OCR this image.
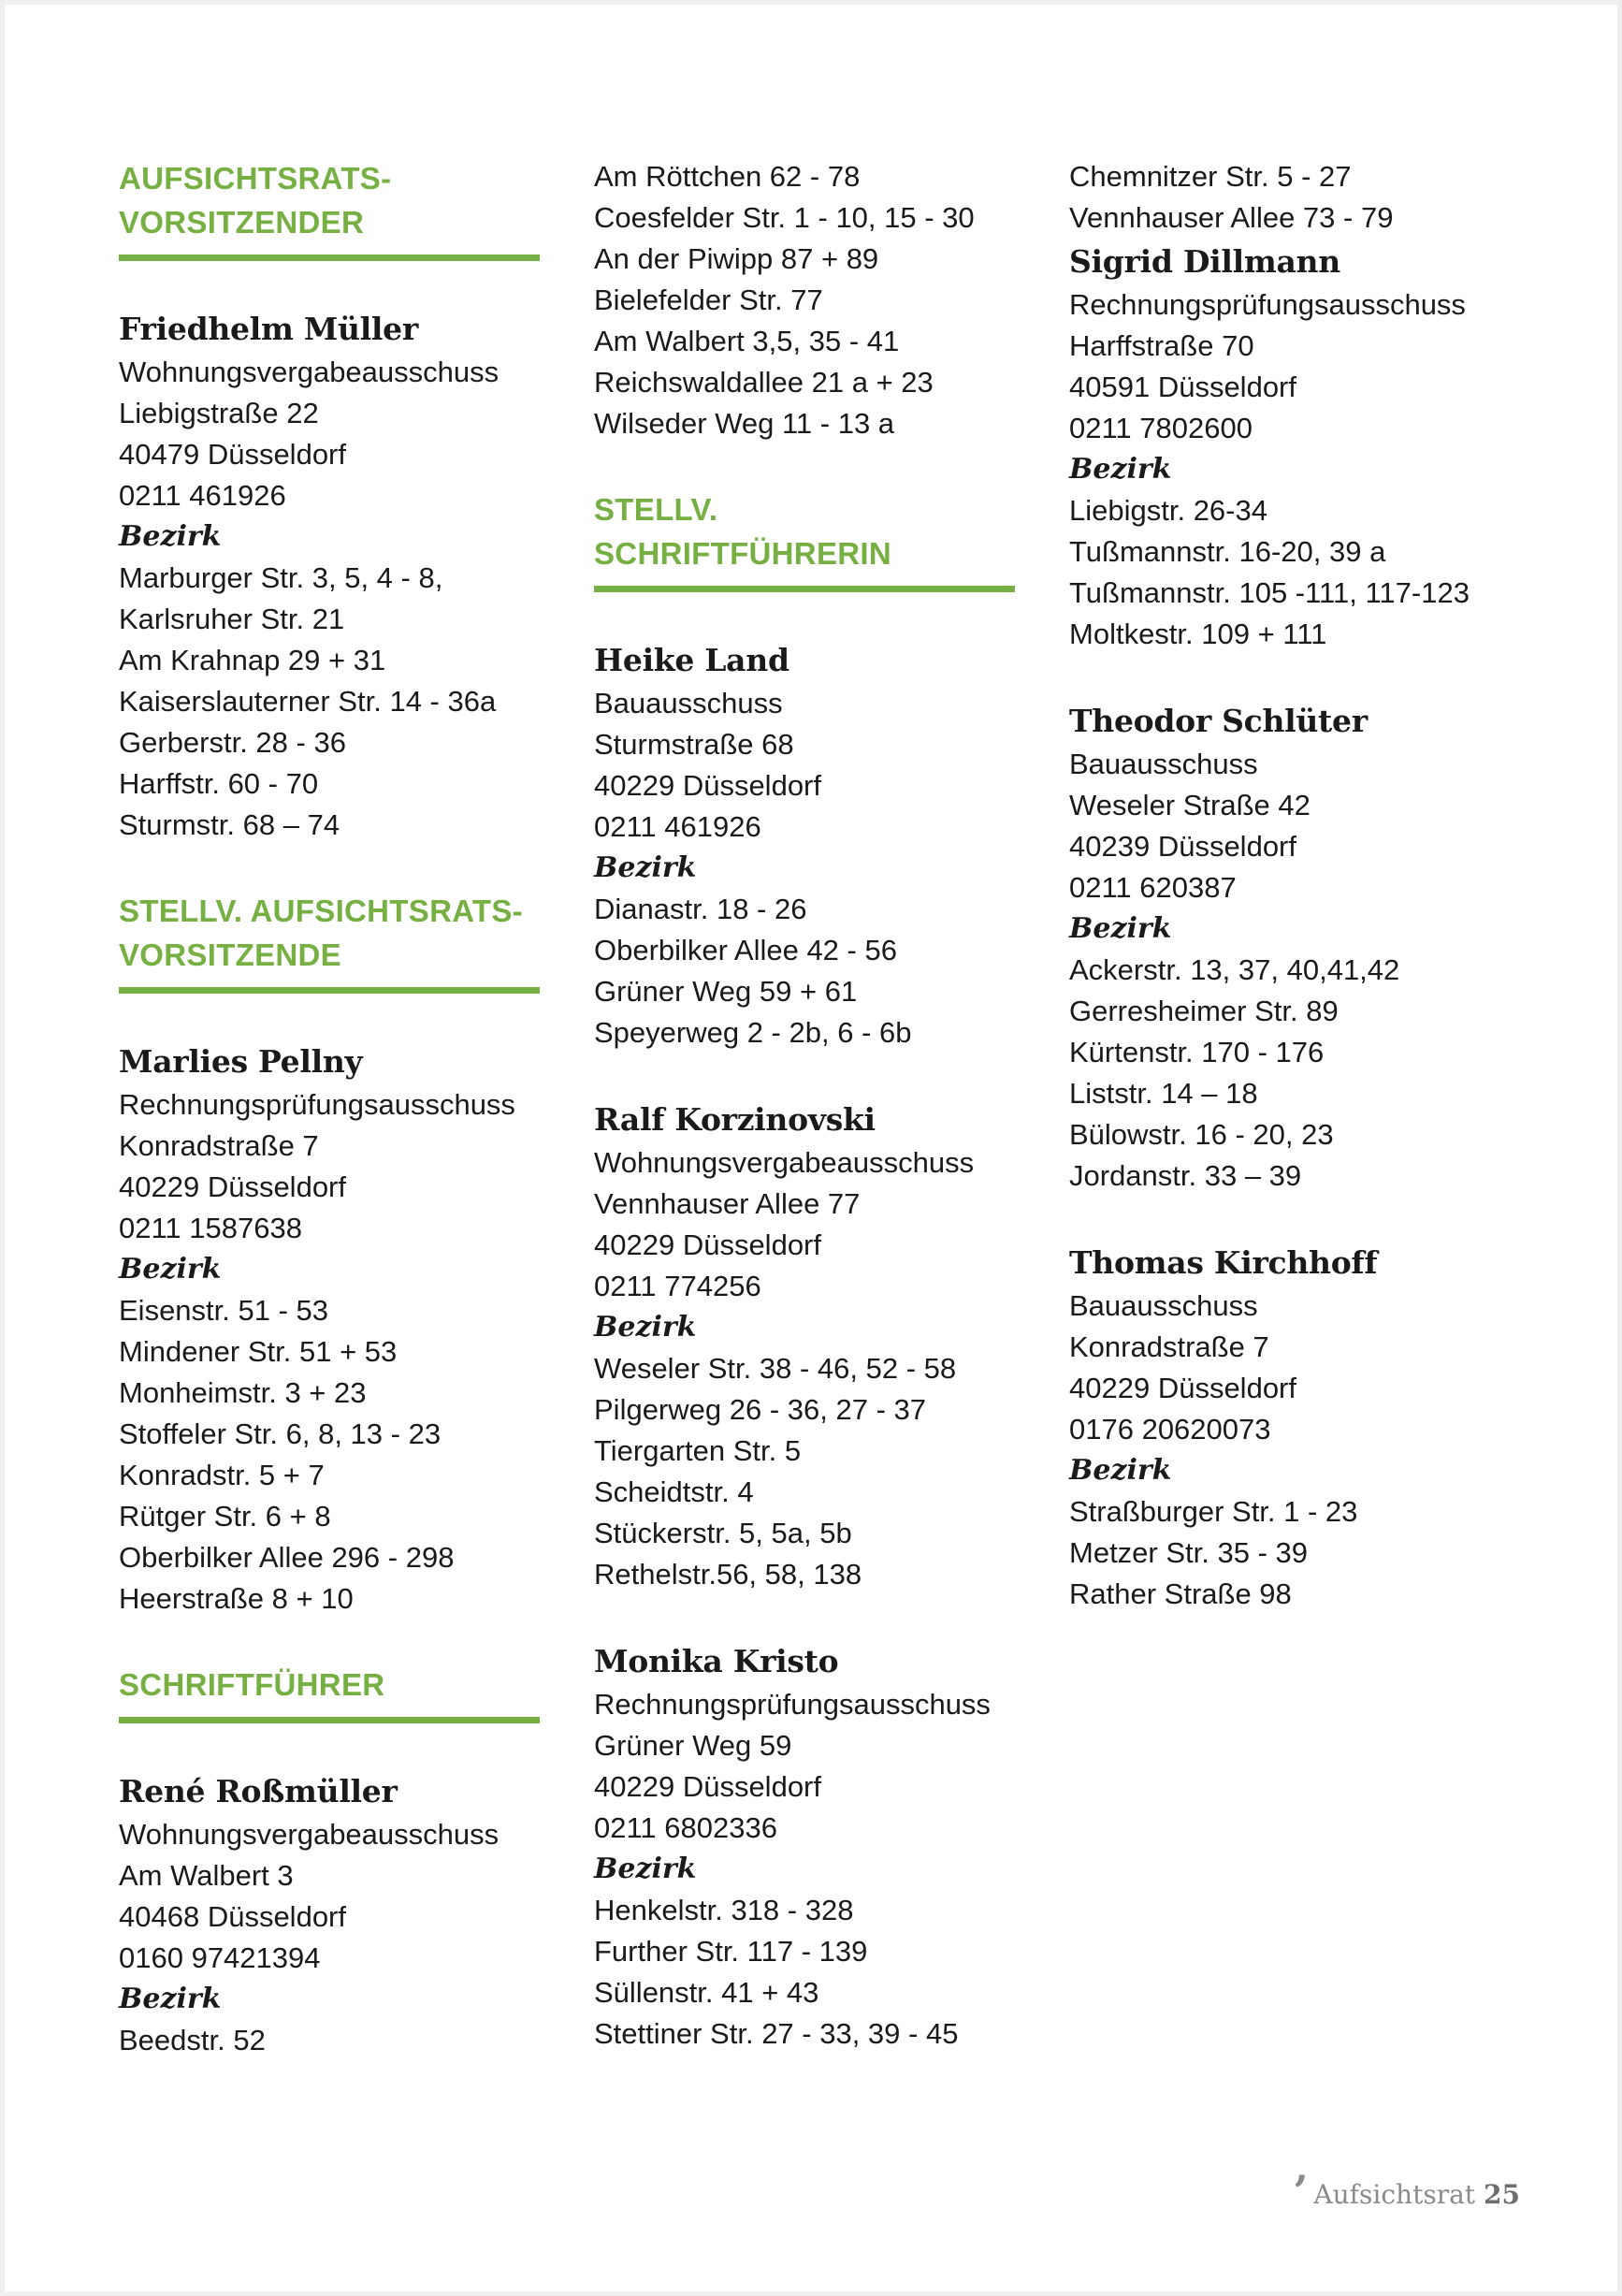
AUFSICHTSRATS-
VORSITZENDER
Friedhelm Müller
Wohnungsvergabeausschuss
Liebigstraße 22
40479 Düsseldorf
0211 461926
Bezirk
Marburger Str. 3, 5, 4 - 8,
Karlsruher Str. 21
Am Krahnap 29 + 31
Kaiserslauterner Str. 14 - 36a
Gerberstr. 28 - 36
Harffstr. 60 - 70
Sturmstr. 68 – 74
STELLV. AUFSICHTSRATS-
VORSITZENDE
Marlies Pellny
Rechnungsprüfungsausschuss
Konradstraße 7
40229 Düsseldorf
0211 1587638
Bezirk
Eisenstr. 51 - 53
Mindener Str. 51 + 53
Monheimstr. 3 + 23
Stoffeler Str. 6, 8, 13 - 23
Konradstr. 5 + 7
Rütger Str. 6 + 8
Oberbilker Allee 296 - 298
Heerstraße 8 + 10
SCHRIFTFÜHRER
René Roßmüller
Wohnungsvergabeausschuss
Am Walbert 3
40468 Düsseldorf
0160 97421394
Bezirk
Beedstr. 52
Am Röttchen 62 - 78
Coesfelder Str. 1 - 10, 15 - 30
An der Piwipp 87 + 89
Bielefelder Str. 77
Am Walbert 3,5, 35 - 41
Reichswaldallee 21 a + 23
Wilseder Weg 11 - 13 a
STELLV. SCHRIFTFÜHRERIN
Heike Land
Bauausschuss
Sturmstraße 68
40229 Düsseldorf
0211 461926
Bezirk
Dianastr. 18 - 26
Oberbilker Allee 42 - 56
Grüner Weg 59 + 61
Speyerweg 2 - 2b, 6 - 6b
Ralf Korzinovski
Wohnungsvergabeausschuss
Vennhauser Allee 77
40229 Düsseldorf
0211 774256
Bezirk
Weseler Str. 38 - 46, 52 - 58
Pilgerweg 26 - 36, 27 - 37
Tiergarten Str. 5
Scheidtstr. 4
Stückerstr. 5, 5a, 5b
Rethelstr.56, 58, 138
Monika Kristo
Rechnungsprüfungsausschuss
Grüner Weg 59
40229 Düsseldorf
0211 6802336
Bezirk
Henkelstr. 318 - 328
Further Str. 117 - 139
Süllenstr. 41 + 43
Stettiner Str. 27 - 33, 39 - 45
Chemnitzer Str. 5 - 27
Vennhauser Allee 73 - 79
Sigrid Dillmann
Rechnungsprüfungsausschuss
Harffstraße 70
40591 Düsseldorf
0211 7802600
Bezirk
Liebigstr. 26-34
Tußmannstr. 16-20, 39 a
Tußmannstr. 105 -111, 117-123
Moltkestr. 109 + 111
Theodor Schlüter
Bauausschuss
Weseler Straße 42
40239 Düsseldorf
0211 620387
Bezirk
Ackerstr. 13, 37, 40,41,42
Gerresheimer Str. 89
Kürtenstr. 170 - 176
Liststr. 14 – 18
Bülowstr. 16 - 20, 23
Jordanstr. 33 – 39
Thomas Kirchhoff
Bauausschuss
Konradstraße 7
40229 Düsseldorf
0176 20620073
Bezirk
Straßburger Str. 1 - 23
Metzer Str. 35 - 39
Rather Straße 98
’ Aufsichtsrat 25
